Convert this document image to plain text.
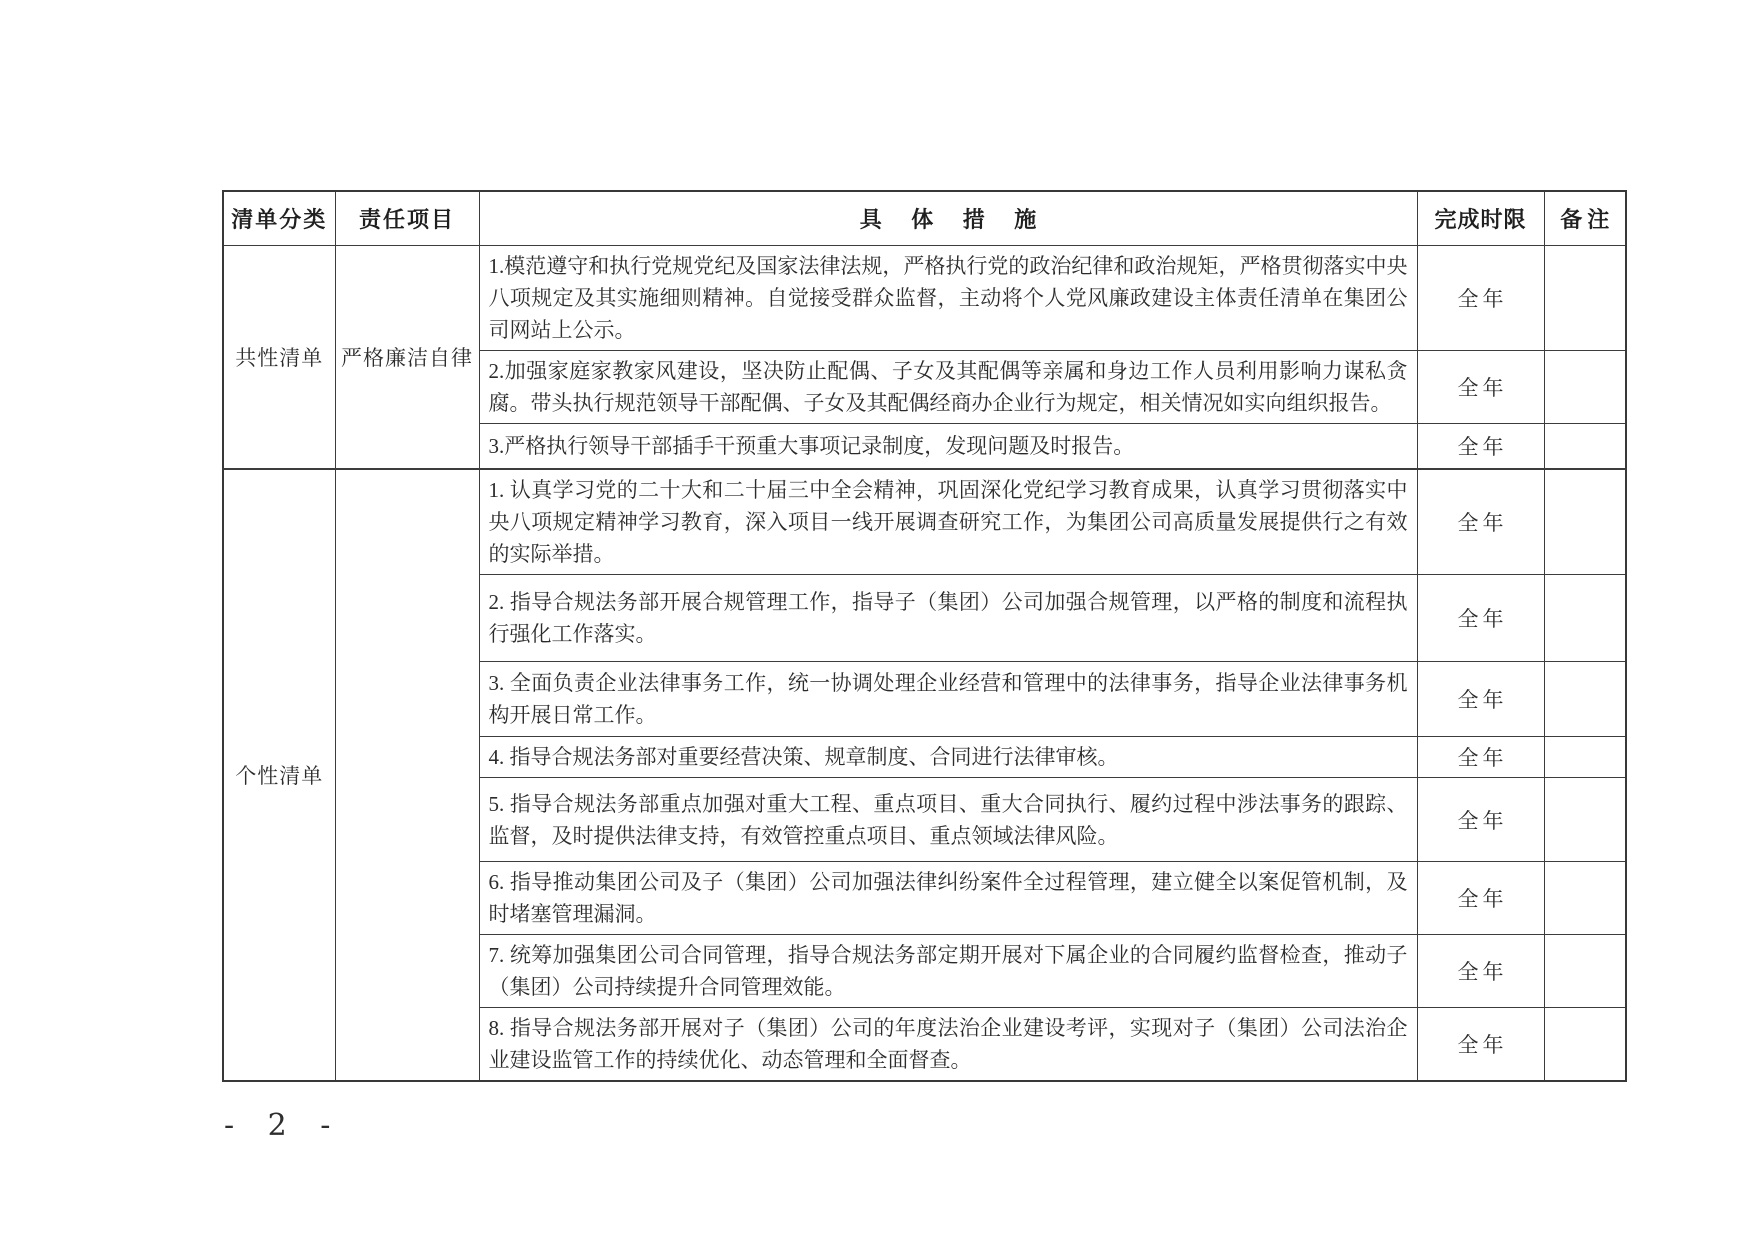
清单分类	责任项目	具 体 措 施	完成时限	备注
共性清单	严格廉洁自律	1.模范遵守和执行党规党纪及国家法律法规，严格执行党的政治纪律和政治规矩，严格贯彻落实中央八项规定及其实施细则精神。自觉接受群众监督，主动将个人党风廉政建设主体责任清单在集团公司网站上公示。	全年	
		2.加强家庭家教家风建设，坚决防止配偶、子女及其配偶等亲属和身边工作人员利用影响力谋私贪腐。带头执行规范领导干部配偶、子女及其配偶经商办企业行为规定，相关情况如实向组织报告。	全年	
		3.严格执行领导干部插手干预重大事项记录制度，发现问题及时报告。	全年	
个性清单		1. 认真学习党的二十大和二十届三中全会精神，巩固深化党纪学习教育成果，认真学习贯彻落实中央八项规定精神学习教育，深入项目一线开展调查研究工作，为集团公司高质量发展提供行之有效的实际举措。	全年	
		2. 指导合规法务部开展合规管理工作，指导子（集团）公司加强合规管理，以严格的制度和流程执行强化工作落实。	全年	
		3. 全面负责企业法律事务工作，统一协调处理企业经营和管理中的法律事务，指导企业法律事务机构开展日常工作。	全年	
		4. 指导合规法务部对重要经营决策、规章制度、合同进行法律审核。	全年	
		5. 指导合规法务部重点加强对重大工程、重点项目、重大合同执行、履约过程中涉法事务的跟踪、监督，及时提供法律支持，有效管控重点项目、重点领域法律风险。	全年	
		6. 指导推动集团公司及子（集团）公司加强法律纠纷案件全过程管理，建立健全以案促管机制，及时堵塞管理漏洞。	全年	
		7. 统筹加强集团公司合同管理，指导合规法务部定期开展对下属企业的合同履约监督检查，推动子（集团）公司持续提升合同管理效能。	全年	
		8. 指导合规法务部开展对子（集团）公司的年度法治企业建设考评，实现对子（集团）公司法治企业建设监管工作的持续优化、动态管理和全面督查。	全年	
- 2 -
